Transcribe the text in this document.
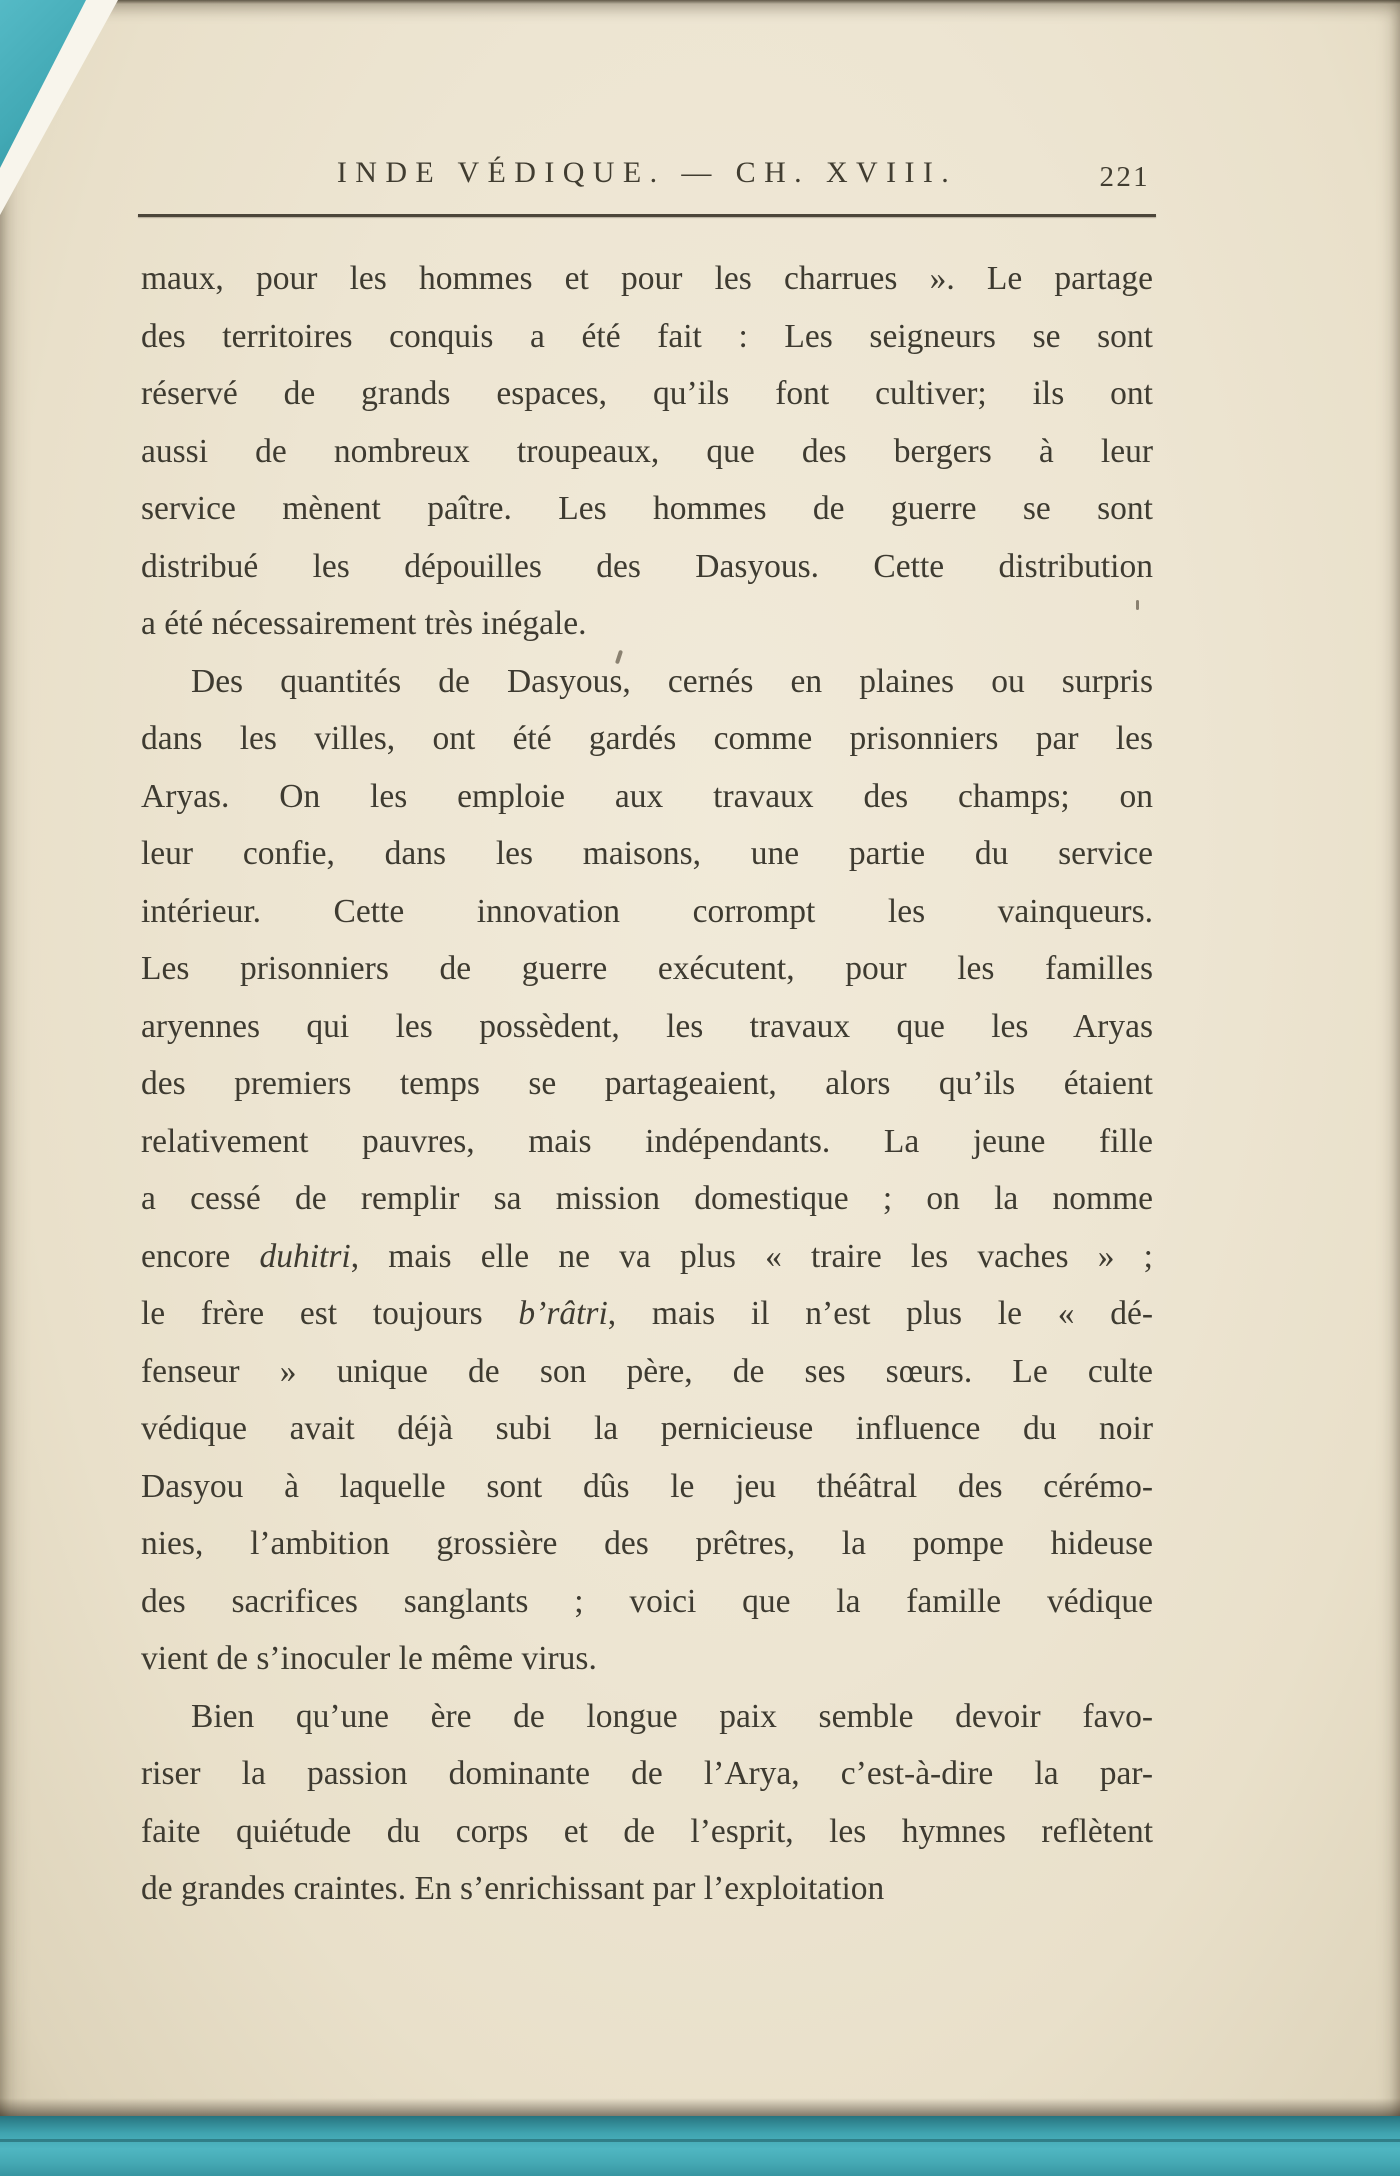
INDE VÉDIQUE. — CH. XVIII.	221
maux, pour les hommes et pour les charrues ». Le partage
des territoires conquis a été fait : Les seigneurs se sont
réservé de grands espaces, qu’ils font cultiver; ils ont
aussi de nombreux troupeaux, que des bergers à leur
service mènent paître. Les hommes de guerre se sont
distribué les dépouilles des Dasyous. Cette distribution
a été nécessairement très inégale.
Des quantités de Dasyous, cernés en plaines ou surpris
dans les villes, ont été gardés comme prisonniers par les
Aryas. On les emploie aux travaux des champs; on
leur confie, dans les maisons, une partie du service
intérieur. Cette innovation corrompt les vainqueurs.
Les prisonniers de guerre exécutent, pour les familles
aryennes qui les possèdent, les travaux que les Aryas
des premiers temps se partageaient, alors qu’ils étaient
relativement pauvres, mais indépendants. La jeune fille
a cessé de remplir sa mission domestique ; on la nomme
encore duhitri, mais elle ne va plus « traire les vaches » ;
le frère est toujours b’râtri, mais il n’est plus le « dé-
fenseur » unique de son père, de ses sœurs. Le culte
védique avait déjà subi la pernicieuse influence du noir
Dasyou à laquelle sont dûs le jeu théâtral des cérémo-
nies, l’ambition grossière des prêtres, la pompe hideuse
des sacrifices sanglants ; voici que la famille védique
vient de s’inoculer le même virus.
Bien qu’une ère de longue paix semble devoir favo-
riser la passion dominante de l’Arya, c’est-à-dire la par-
faite quiétude du corps et de l’esprit, les hymnes reflètent
de grandes craintes. En s’enrichissant par l’exploitation
